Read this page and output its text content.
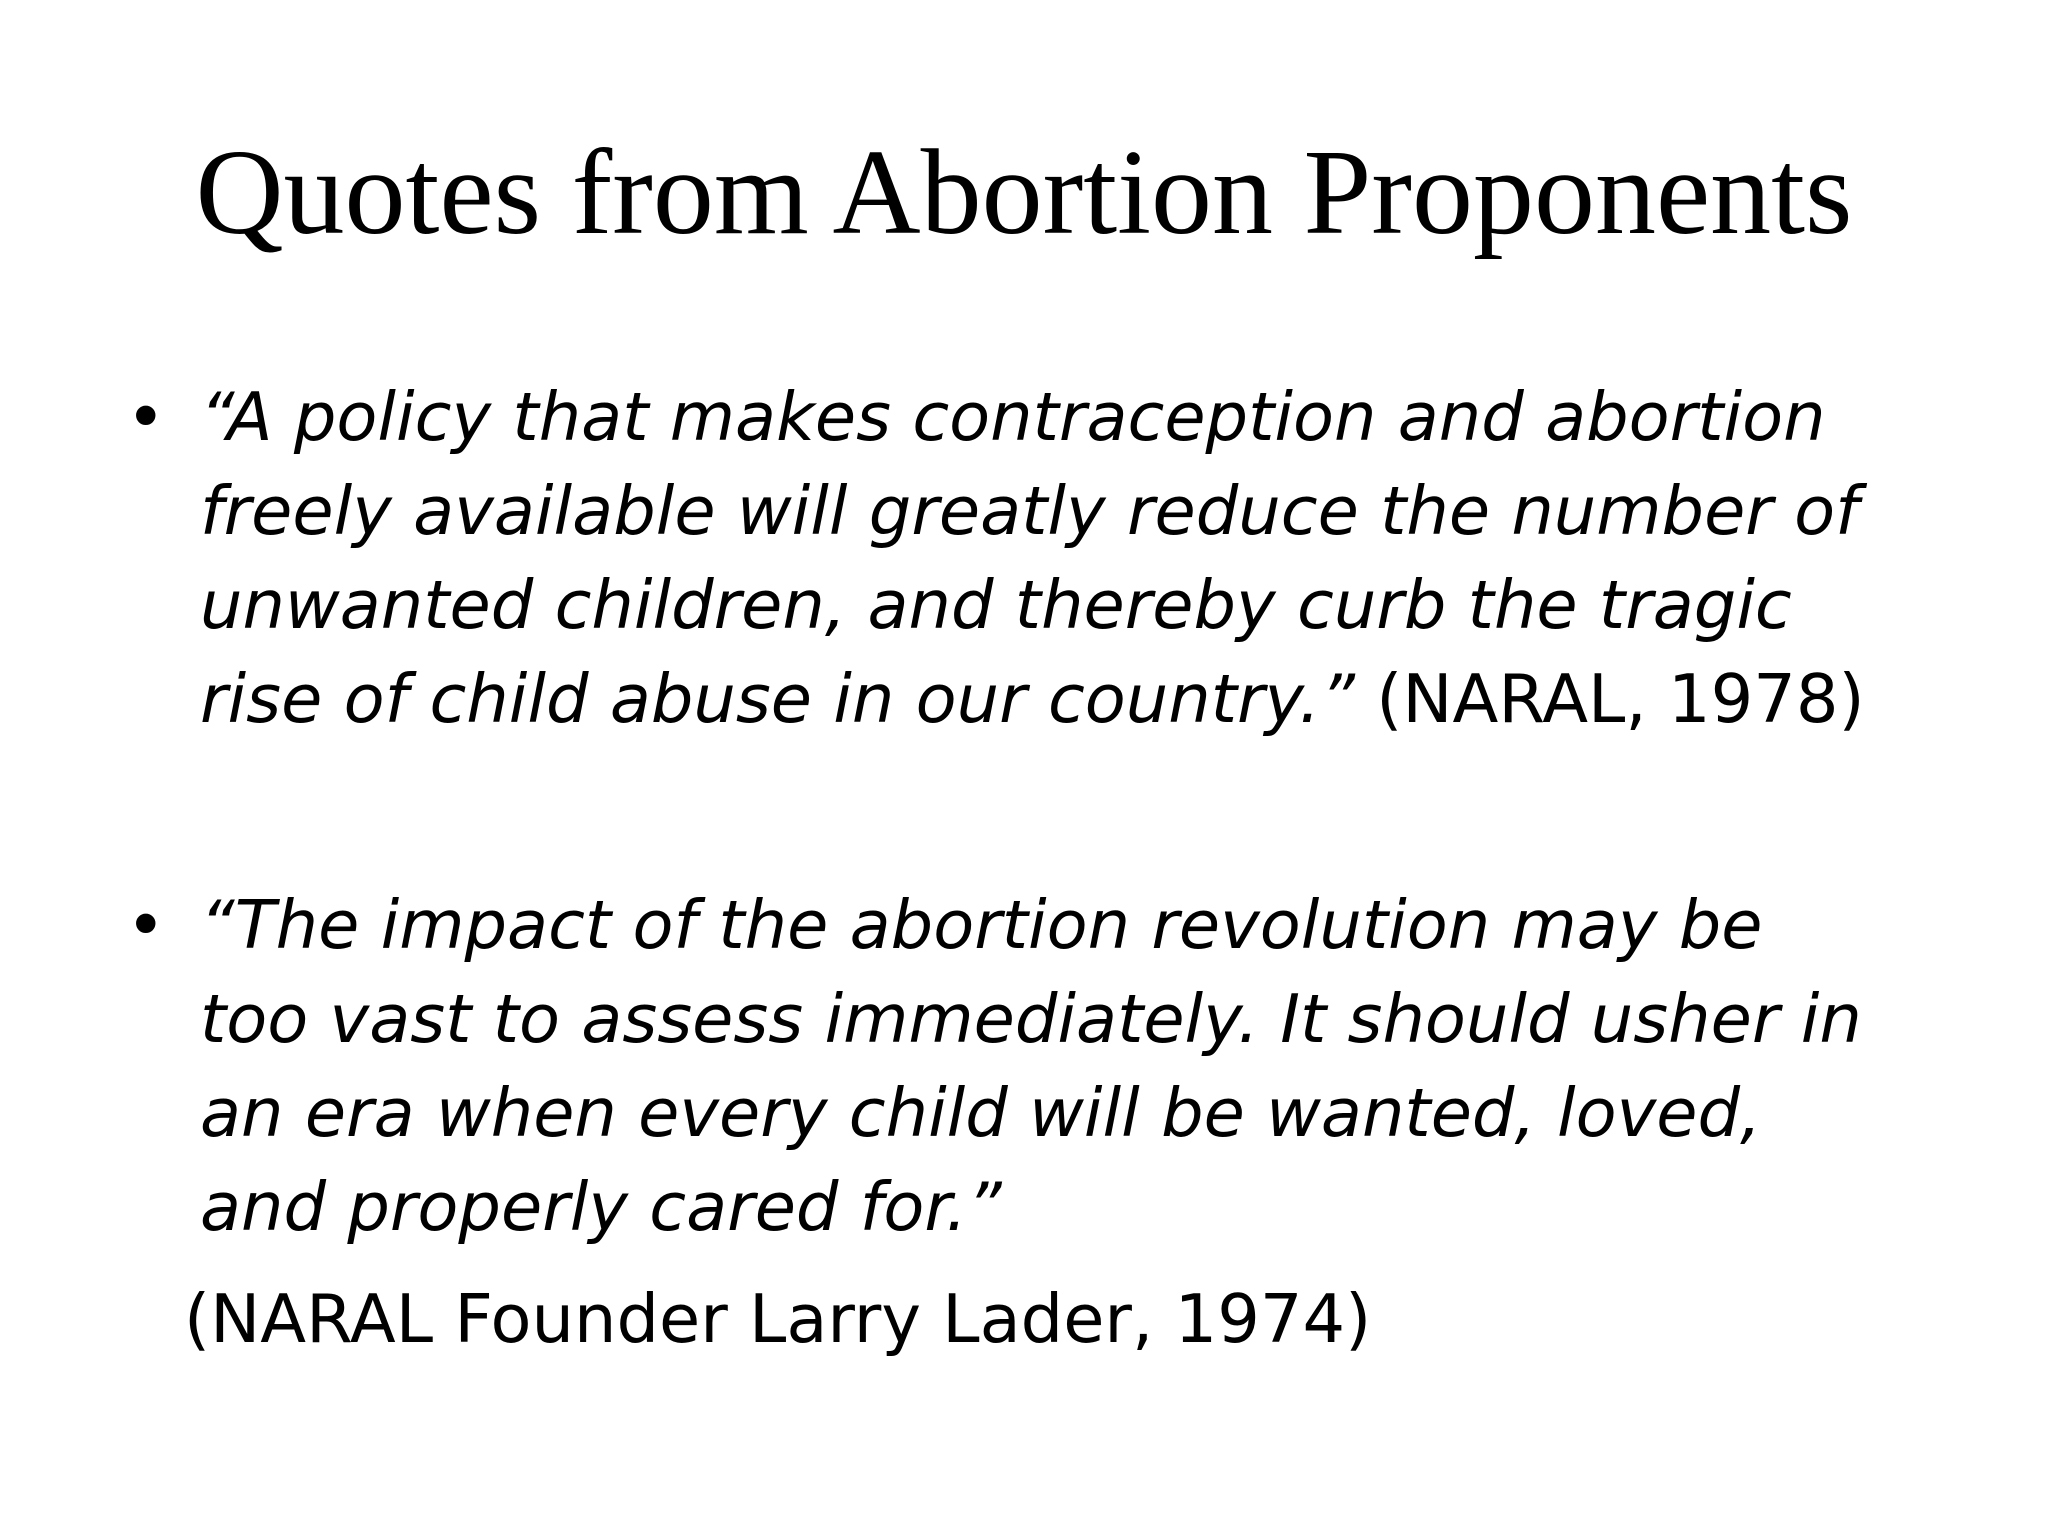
Quotes from Abortion Proponents
• “A policy that makes contraception and abortion
freely available will greatly reduce the number of
unwanted children, and thereby curb the tragic
rise of child abuse in our country.” (NARAL, 1978)
• “The impact of the abortion revolution may be
too vast to assess immediately. It should usher in
an era when every child will be wanted, loved,
and properly cared for.”
(NARAL Founder Larry Lader, 1974)
